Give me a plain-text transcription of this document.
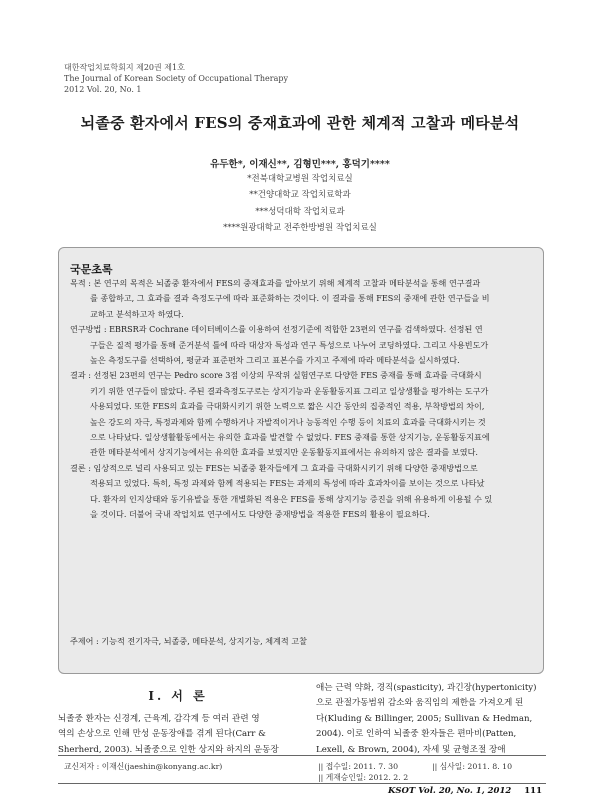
대한작업치료학회지 제20권 제1호
The Journal of Korean Society of Occupational Therapy
2012 Vol. 20, No. 1
뇌졸중 환자에서 FES의 중재효과에 관한 체계적 고찰과 메타분석
유두한*, 이재신**, 김형민***, 홍덕기****
*전북대학교병원 작업치료실
**건양대학교 작업치료학과
***성덕대학 작업치료과
****원광대학교 전주한방병원 작업치료실
국문초록

목적 : 본 연구의 목적은 뇌졸중 환자에서 FES의 중재효과를 알아보기 위해 체계적 고찰과 메타분석을 통해 연구결과
를 종합하고, 그 효과를 결과 측정도구에 따라 표준화하는 것이다. 이 결과를 통해 FES의 중재에 관한 연구들을 비
교하고 분석하고자 하였다.

연구방법 : EBRSR과 Cochrane 데이터베이스를 이용하여 선정기준에 적합한 23편의 연구를 검색하였다. 선정된 연
구들은 질적 평가를 통해 준거분석 틀에 따라 대상자 특성과 연구 특성으로 나누어 코딩하였다. 그리고 사용빈도가
높은 측정도구를 선택하여, 평균과 표준편차 그리고 표본수를 가지고 주제에 따라 메타분석을 실시하였다.

결과 : 선정된 23편의 연구는 Pedro score 3점 이상의 무작위 실험연구로 다양한 FES 중재를 통해 효과를 극대화시
키기 위한 연구들이 많았다. 주된 결과측정도구로는 상지기능과 운동활동지표 그리고 일상생활을 평가하는 도구가
사용되었다. 또한 FES의 효과를 극대화시키기 위한 노력으로 짧은 시간 동안의 집중적인 적용, 부착방법의 차이,
높은 강도의 자극, 특정과제와 함께 수행하거나 자발적이거나 능동적인 수행 등이 치료의 효과를 극대화시키는 것
으로 나타났다. 일상생활활동에서는 유의한 효과를 발견할 수 없었다. FES 중재를 통한 상지기능, 운동활동지표에
관한 메타분석에서 상지기능에서는 유의한 효과를 보였지만 운동활동지표에서는 유의하지 않은 결과를 보였다.

결론 : 임상적으로 널리 사용되고 있는 FES는 뇌졸중 환자들에게 그 효과를 극대화시키기 위해 다양한 중재방법으로
적용되고 있었다. 특히, 특정 과제와 함께 적용되는 FES는 과제의 특성에 따라 효과차이를 보이는 것으로 나타났
다. 환자의 인지상태와 동기유발을 통한 개별화된 적용은 FES를 통해 상지기능 증진을 위해 유용하게 이용될 수 있
을 것이다. 더불어 국내 작업치료 연구에서도 다양한 중재방법을 적용한 FES의 활용이 필요하다.

주제어 : 기능적 전기자극, 뇌졸중, 메타분석, 상지기능, 체계적 고찰
Ⅰ. 서 론
뇌졸중 환자는 신경계, 근육계, 감각계 등 여러 관련 영
역의 손상으로 인해 만성 운동장애를 겪게 된다(Carr &
Sherherd, 2003). 뇌졸중으로 인한 상지와 하지의 운동장
애는 근력 약화, 경직(spasticity), 과긴장(hypertonicity)
으로 관절가동범위 감소와 움직임의 제한을 가져오게 된
다(Kluding & Billinger, 2005; Sullivan & Hedman,
2004). 이로 인하여 뇌졸중 환자들은 편마비(Patten,
Lexell, & Brown, 2004), 자세 및 균형조절 장애
교신저자 : 이재신(jaeshin@konyang.ac.kr)	|| 접수일: 2011. 7. 30	|| 심사일: 2011. 8. 10
|| 게재승인일: 2012. 2. 2
KSOT Vol. 20, No. 1, 2012 111
